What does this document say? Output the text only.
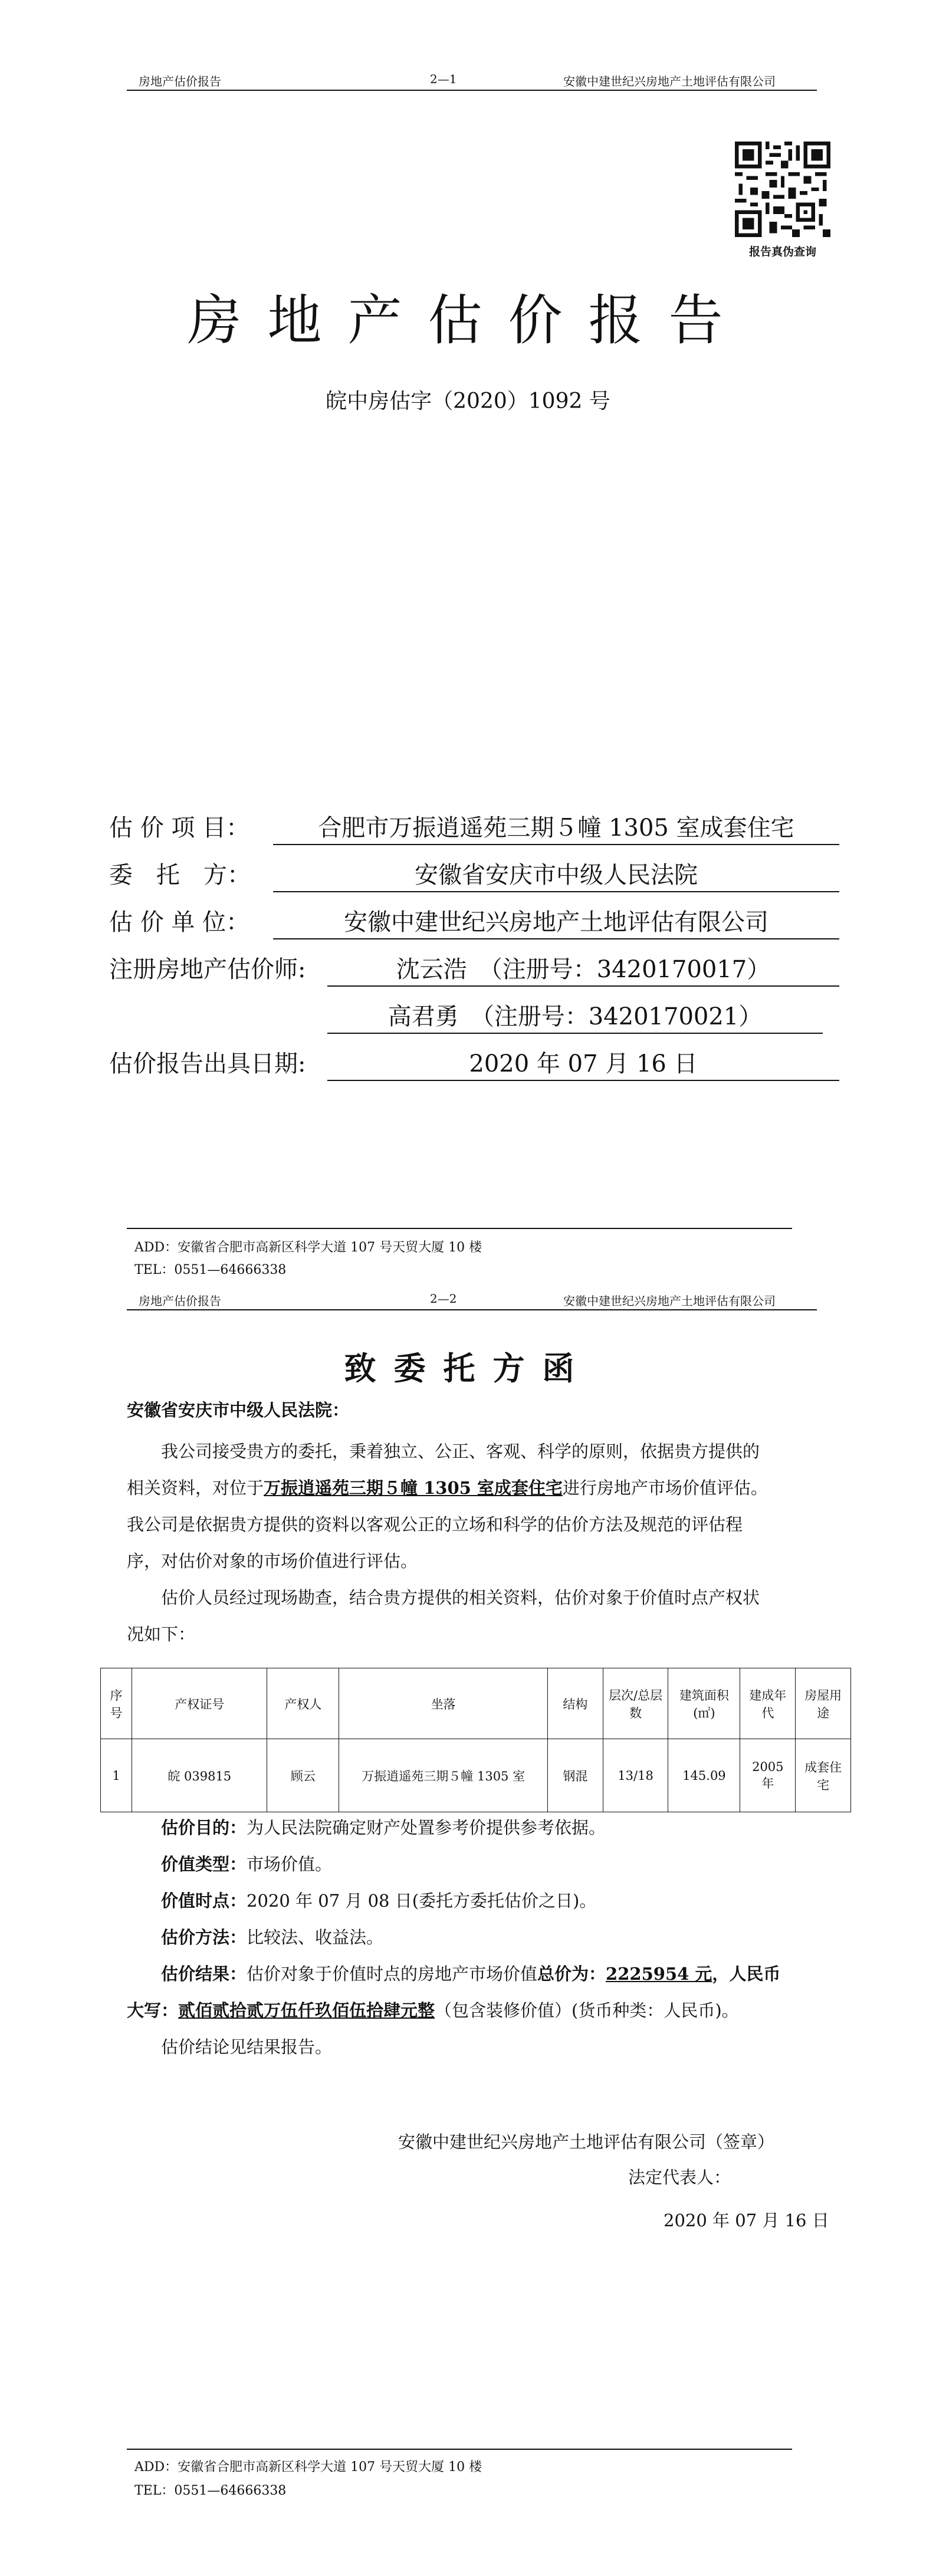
房地产估价报告	2—1	安徽中建世纪兴房地产土地评估有限公司
报告真伪查询
房地产估价报告
皖中房估字（2020）1092 号
估 价 项 目：	合肥市万振逍遥苑三期５幢 1305 室成套住宅
委　托　方：	安徽省安庆市中级人民法院
估 价 单 位：	安徽中建世纪兴房地产土地评估有限公司
注册房地产估价师:	沈云浩　（注册号：3420170017）
高君勇　（注册号：3420170021）
估价报告出具日期:	2020 年 07 月 16 日
ADD：安徽省合肥市高新区科学大道 107 号天贸大厦 10 楼
TEL：0551—64666338
房地产估价报告	2—2	安徽中建世纪兴房地产土地评估有限公司
致委托方函
安徽省安庆市中级人民法院：
我公司接受贵方的委托，秉着独立、公正、客观、科学的原则，依据贵方提供的
相关资料，对位于万振逍遥苑三期５幢 1305 室成套住宅进行房地产市场价值评估。
我公司是依据贵方提供的资料以客观公正的立场和科学的估价方法及规范的评估程
序，对估价对象的市场价值进行评估。
估价人员经过现场勘查，结合贵方提供的相关资料，估价对象于价值时点产权状
况如下：
序号	产权证号	产权人	坐落	结构	层次/总层数	建筑面积(㎡)	建成年代	房屋用途
1	皖 039815	顾云	万振逍遥苑三期５幢 1305 室	钢混	13/18	145.09	2005 年	成套住宅
估价目的：为人民法院确定财产处置参考价提供参考依据。
价值类型：市场价值。
价值时点：2020 年 07 月 08 日(委托方委托估价之日)。
估价方法：比较法、收益法。
估价结果：估价对象于价值时点的房地产市场价值总价为：2225954 元，人民币
大写：贰佰贰拾贰万伍仟玖佰伍拾肆元整（包含装修价值）(货币种类：人民币)。
估价结论见结果报告。
安徽中建世纪兴房地产土地评估有限公司（签章）
法定代表人：
2020 年 07 月 16 日
ADD：安徽省合肥市高新区科学大道 107 号天贸大厦 10 楼
TEL：0551—64666338
